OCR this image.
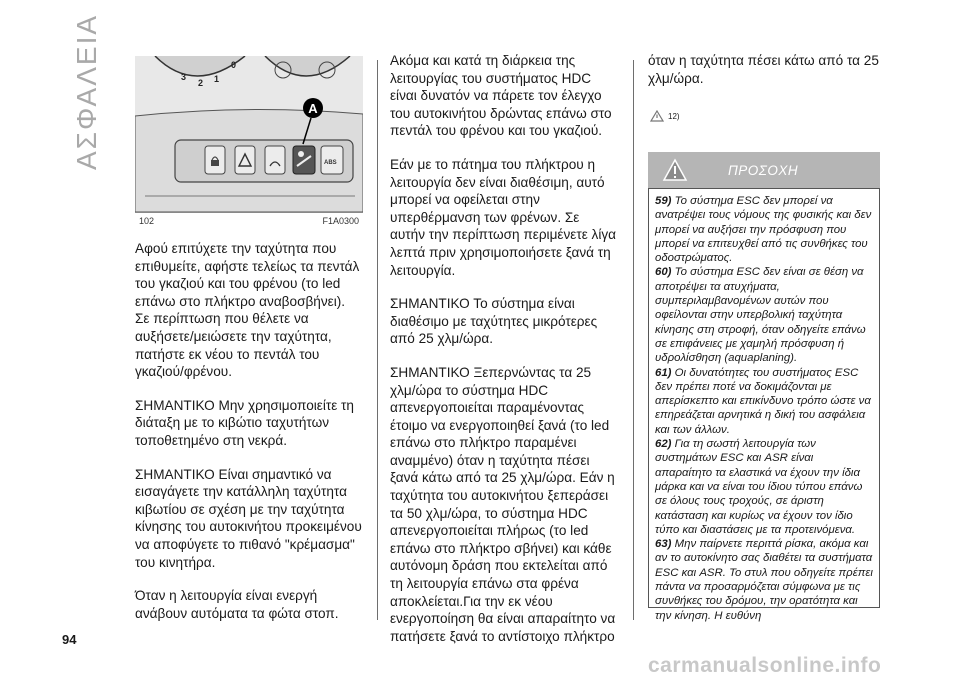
ΑΣΦΑΛΕΙΑ	3
2 1
0
ABS
A
102	F1A0300

Αφού επιτύχετε την ταχύτητα που επιθυμείτε, αφήστε τελείως τα πεντάλ του γκαζιού και του φρένου (το led επάνω στο πλήκτρο αναβοσβήνει). Σε περίπτωση που θέλετε να αυξήσετε/μειώσετε την ταχύτητα, πατήστε εκ νέου το πεντάλ του γκαζιού/φρένου.

ΣΗΜΑΝΤΙΚΟ Μην χρησιμοποιείτε τη διάταξη με το κιβώτιο ταχυτήτων τοποθετημένο στη νεκρά.

ΣΗΜΑΝΤΙΚΟ Είναι σημαντικό να εισαγάγετε την κατάλληλη ταχύτητα κιβωτίου σε σχέση με την ταχύτητα κίνησης του αυτοκινήτου προκειμένου να αποφύγετε το πιθανό "κρέμασμα" του κινητήρα.

Όταν η λειτουργία είναι ενεργή ανάβουν αυτόματα τα φώτα στοπ.

Ακόμα και κατά τη διάρκεια της λειτουργίας του συστήματος HDC είναι δυνατόν να πάρετε τον έλεγχο του αυτοκινήτου δρώντας επάνω στο πεντάλ του φρένου και του γκαζιού.

Εάν με το πάτημα του πλήκτρου η λειτουργία δεν είναι διαθέσιμη, αυτό μπορεί να οφείλεται στην υπερθέρμανση των φρένων. Σε αυτήν την περίπτωση περιμένετε λίγα λεπτά πριν χρησιμοποιήσετε ξανά τη λειτουργία.

ΣΗΜΑΝΤΙΚΟ Το σύστημα είναι διαθέσιμο με ταχύτητες μικρότερες από 25 χλμ/ώρα.

ΣΗΜΑΝΤΙΚΟ Ξεπερνώντας τα 25 χλμ/ώρα το σύστημα HDC απενεργοποιείται παραμένοντας έτοιμο να ενεργοποιηθεί ξανά (το led επάνω στο πλήκτρο παραμένει αναμμένο) όταν η ταχύτητα πέσει ξανά κάτω από τα 25 χλμ/ώρα. Εάν η ταχύτητα του αυτοκινήτου ξεπεράσει τα 50 χλμ/ώρα, το σύστημα HDC απενεργοποιείται πλήρως (το led επάνω στο πλήκτρο σβήνει) και κάθε αυτόνομη δράση που εκτελείται από τη λειτουργία επάνω στα φρένα αποκλείεται.Για την εκ νέου ενεργοποίηση θα είναι απαραίτητο να πατήσετε ξανά το αντίστοιχο πλήκτρο

όταν η ταχύτητα πέσει κάτω από τα 25 χλμ/ώρα.

12)
ΠΡΟΣΟΧΗ

59) Το σύστημα ESC δεν μπορεί να ανατρέψει τους νόμους της φυσικής και δεν μπορεί να αυξήσει την πρόσφυση που μπορεί να επιτευχθεί από τις συνθήκες του οδοστρώματος.

60) Το σύστημα ESC δεν είναι σε θέση να αποτρέψει τα ατυχήματα, συμπεριλαμβανομένων αυτών που οφείλονται στην υπερβολική ταχύτητα κίνησης στη στροφή, όταν οδηγείτε επάνω σε επιφάνειες με χαμηλή πρόσφυση ή υδρολίσθηση (aquaplaning).

61) Οι δυνατότητες του συστήματος ESC δεν πρέπει ποτέ να δοκιμάζονται με απερίσκεπτο και επικίνδυνο τρόπο ώστε να επηρεάζεται αρνητικά η δική του ασφάλεια και των άλλων.

62) Για τη σωστή λειτουργία των συστημάτων ESC και ASR είναι απαραίτητο τα ελαστικά να έχουν την ίδια μάρκα και να είναι του ίδιου τύπου επάνω σε όλους τους τροχούς, σε άριστη κατάσταση και κυρίως να έχουν τον ίδιο τύπο και διαστάσεις με τα προτεινόμενα.

63) Μην παίρνετε περιττά ρίσκα, ακόμα και αν το αυτοκίνητο σας διαθέτει τα συστήματα ESC και ASR. Το στυλ που οδηγείτε πρέπει πάντα να προσαρμόζεται σύμφωνα με τις συνθήκες του δρόμου, την ορατότητα και την κίνηση. Η ευθύνη

94
carmanualsonline.info
